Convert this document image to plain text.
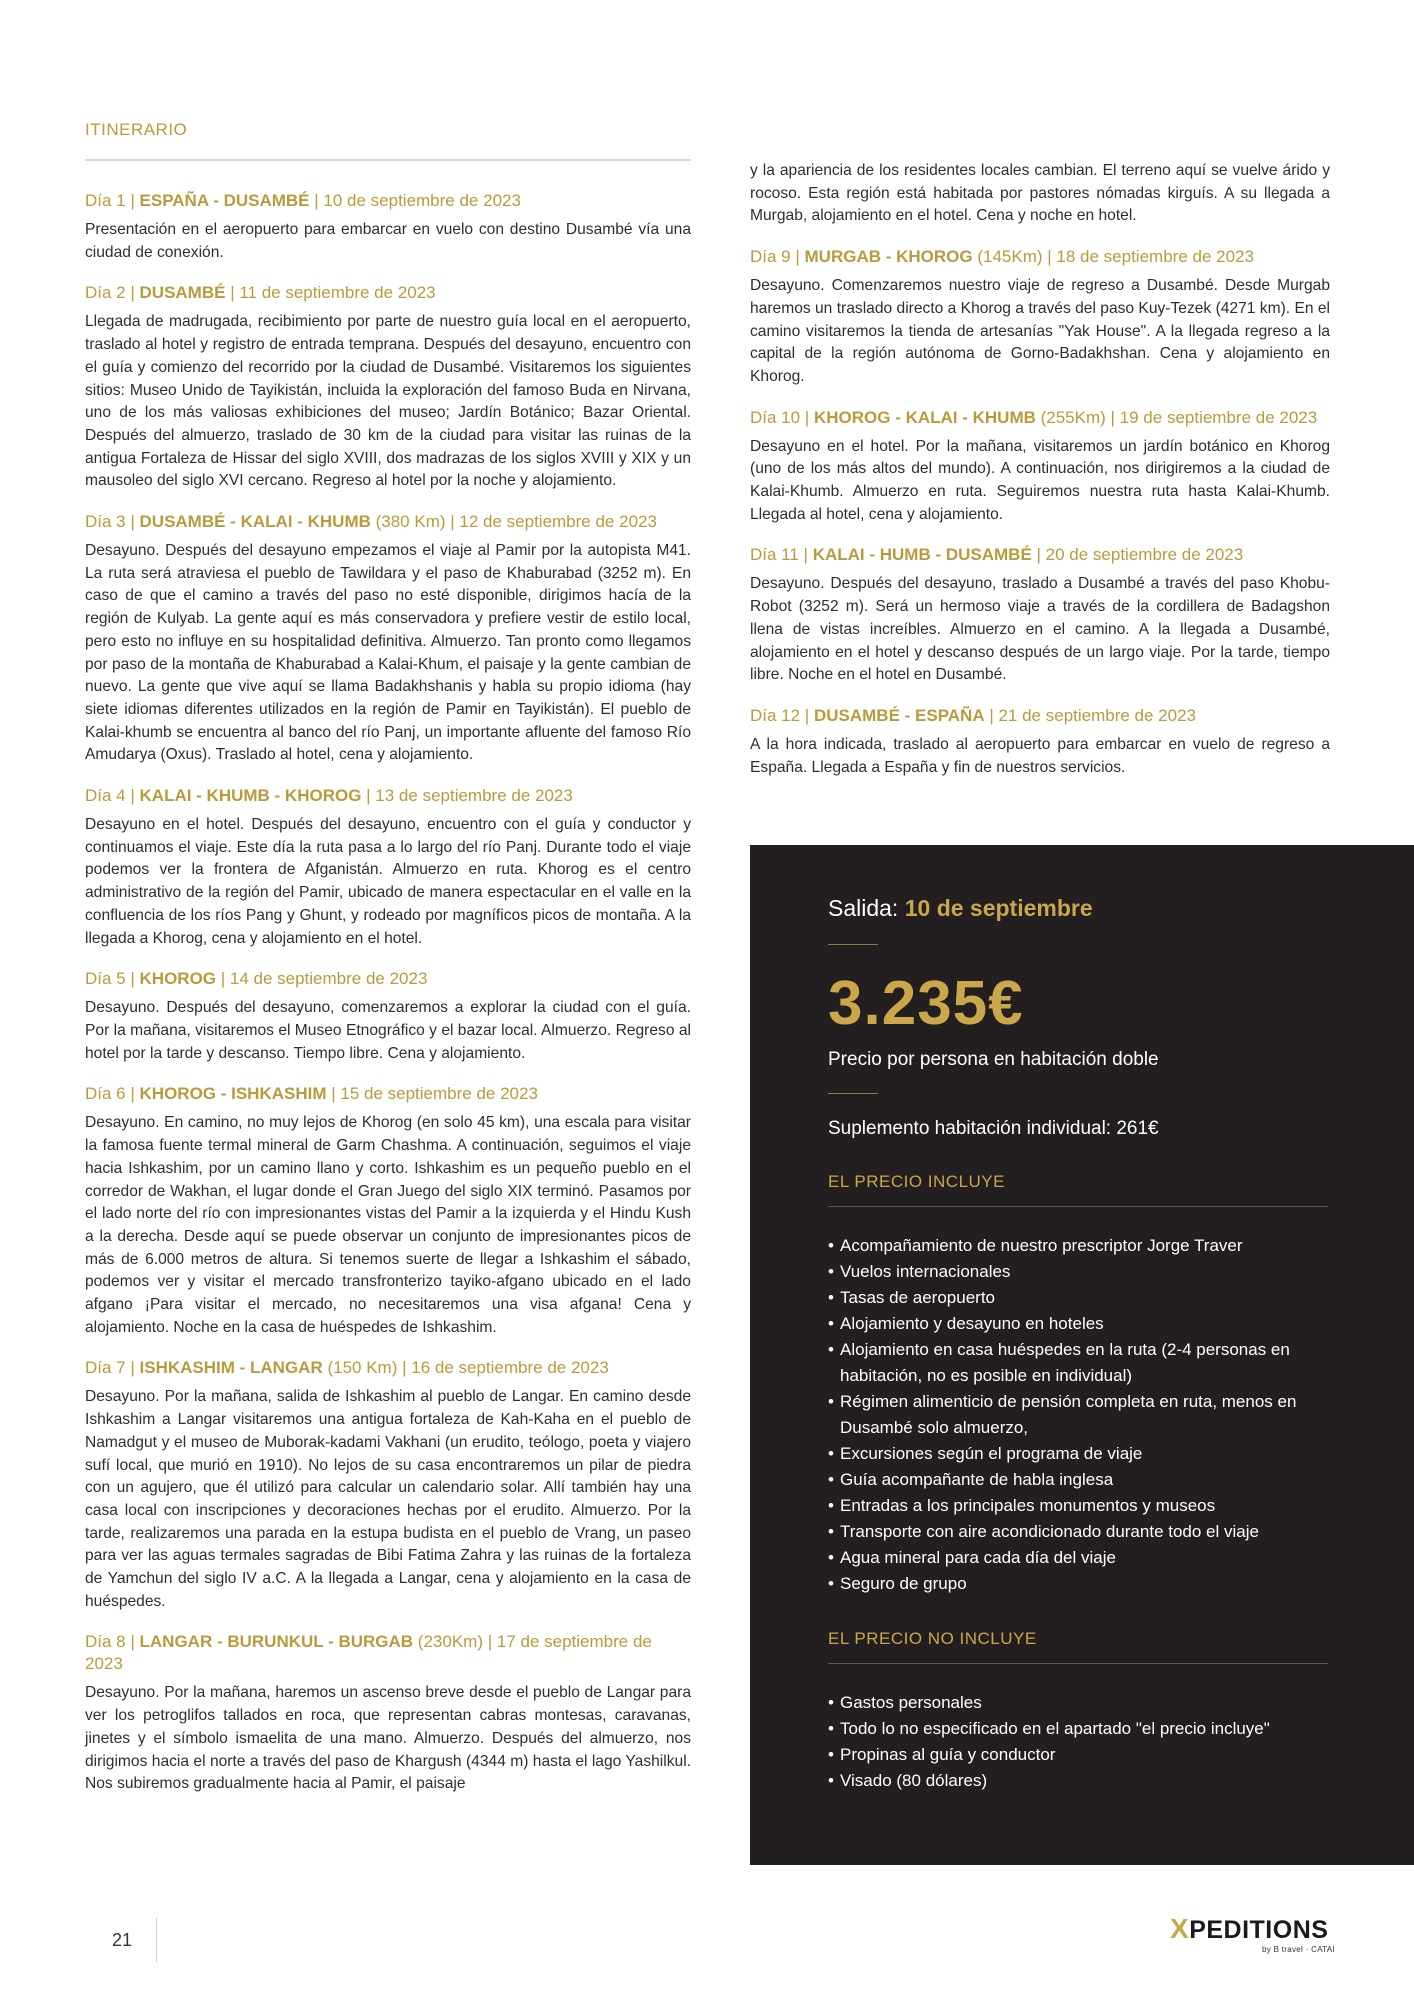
ITINERARIO

Día 1 | ESPAÑA - DUSAMBÉ | 10 de septiembre de 2023

Presentación en el aeropuerto para embarcar en vuelo con destino Dusambé vía una ciudad de conexión.

Día 2 | DUSAMBÉ | 11 de septiembre de 2023

Llegada de madrugada, recibimiento por parte de nuestro guía local en el aeropuerto, traslado al hotel y registro de entrada temprana. Después del desayuno, encuentro con el guía y comienzo del recorrido por la ciudad de Dusambé. Visitaremos los siguientes sitios: Museo Unido de Tayikistán, incluida la exploración del famoso Buda en Nirvana, uno de los más valiosas exhibiciones del museo; Jardín Botánico; Bazar Oriental. Después del almuerzo, traslado de 30 km de la ciudad para visitar las ruinas de la antigua Fortaleza de Hissar del siglo XVIII, dos madrazas de los siglos XVIII y XIX y un mausoleo del siglo XVI cercano. Regreso al hotel por la noche y alojamiento.

Día 3 | DUSAMBÉ - KALAI - KHUMB (380 Km) | 12 de septiembre de 2023

Desayuno. Después del desayuno empezamos el viaje al Pamir por la autopista M41. La ruta será atraviesa el pueblo de Tawildara y el paso de Khaburabad (3252 m). En caso de que el camino a través del paso no esté disponible, dirigimos hacía de la región de Kulyab. La gente aquí es más conservadora y prefiere vestir de estilo local, pero esto no influye en su hospitalidad definitiva. Almuerzo. Tan pronto como llegamos por paso de la montaña de Khaburabad a Kalai-Khum, el paisaje y la gente cambian de nuevo. La gente que vive aquí se llama Badakhshanis y habla su propio idioma (hay siete idiomas diferentes utilizados en la región de Pamir en Tayikistán). El pueblo de Kalai-khumb se encuentra al banco del río Panj, un importante afluente del famoso Río Amudarya (Oxus). Traslado al hotel, cena y alojamiento.

Día 4 | KALAI - KHUMB - KHOROG | 13 de septiembre de 2023

Desayuno en el hotel. Después del desayuno, encuentro con el guía y conductor y continuamos el viaje. Este día la ruta pasa a lo largo del río Panj. Durante todo el viaje podemos ver la frontera de Afganistán. Almuerzo en ruta. Khorog es el centro administrativo de la región del Pamir, ubicado de manera espectacular en el valle en la confluencia de los ríos Pang y Ghunt, y rodeado por magníficos picos de montaña. A la llegada a Khorog, cena y alojamiento en el hotel.

Día 5 | KHOROG | 14 de septiembre de 2023

Desayuno. Después del desayuno, comenzaremos a explorar la ciudad con el guía. Por la mañana, visitaremos el Museo Etnográfico y el bazar local. Almuerzo. Regreso al hotel por la tarde y descanso. Tiempo libre. Cena y alojamiento.

Día 6 | KHOROG - ISHKASHIM | 15 de septiembre de 2023

Desayuno. En camino, no muy lejos de Khorog (en solo 45 km), una escala para visitar la famosa fuente termal mineral de Garm Chashma. A continuación, seguimos el viaje hacia Ishkashim, por un camino llano y corto. Ishkashim es un pequeño pueblo en el corredor de Wakhan, el lugar donde el Gran Juego del siglo XIX terminó. Pasamos por el lado norte del río con impresionantes vistas del Pamir a la izquierda y el Hindu Kush a la derecha. Desde aquí se puede observar un conjunto de impresionantes picos de más de 6.000 metros de altura. Si tenemos suerte de llegar a Ishkashim el sábado, podemos ver y visitar el mercado transfronterizo tayiko-afgano ubicado en el lado afgano ¡Para visitar el mercado, no necesitaremos una visa afgana! Cena y alojamiento. Noche en la casa de huéspedes de Ishkashim.

Día 7 | ISHKASHIM - LANGAR (150 Km) | 16 de septiembre de 2023

Desayuno. Por la mañana, salida de Ishkashim al pueblo de Langar. En camino desde Ishkashim a Langar visitaremos una antigua fortaleza de Kah-Kaha en el pueblo de Namadgut y el museo de Muborak-kadami Vakhani (un erudito, teólogo, poeta y viajero sufí local, que murió en 1910). No lejos de su casa encontraremos un pilar de piedra con un agujero, que él utilizó para calcular un calendario solar. Allí también hay una casa local con inscripciones y decoraciones hechas por el erudito. Almuerzo. Por la tarde, realizaremos una parada en la estupa budista en el pueblo de Vrang, un paseo para ver las aguas termales sagradas de Bibi Fatima Zahra y las ruinas de la fortaleza de Yamchun del siglo IV a.C. A la llegada a Langar, cena y alojamiento en la casa de huéspedes.

Día 8 | LANGAR - BURUNKUL - BURGAB (230Km) | 17 de septiembre de 2023

Desayuno. Por la mañana, haremos un ascenso breve desde el pueblo de Langar para ver los petroglifos tallados en roca, que representan cabras montesas, caravanas, jinetes y el símbolo ismaelita de una mano. Almuerzo. Después del almuerzo, nos dirigimos hacia el norte a través del paso de Khargush (4344 m) hasta el lago Yashilkul. Nos subiremos gradualmente hacia al Pamir, el paisaje

y la apariencia de los residentes locales cambian. El terreno aquí se vuelve árido y rocoso. Esta región está habitada por pastores nómadas kirguís. A su llegada a Murgab, alojamiento en el hotel. Cena y noche en hotel.

Día 9 | MURGAB - KHOROG (145Km) | 18 de septiembre de 2023

Desayuno. Comenzaremos nuestro viaje de regreso a Dusambé. Desde Murgab haremos un traslado directo a Khorog a través del paso Kuy-Tezek (4271 km). En el camino visitaremos la tienda de artesanías "Yak House". A la llegada regreso a la capital de la región autónoma de Gorno-Badakhshan. Cena y alojamiento en Khorog.

Día 10 | KHOROG - KALAI - KHUMB (255Km) | 19 de septiembre de 2023

Desayuno en el hotel. Por la mañana, visitaremos un jardín botánico en Khorog (uno de los más altos del mundo). A continuación, nos dirigiremos a la ciudad de Kalai-Khumb. Almuerzo en ruta. Seguiremos nuestra ruta hasta Kalai-Khumb. Llegada al hotel, cena y alojamiento.

Día 11 | KALAI - HUMB - DUSAMBÉ | 20 de septiembre de 2023

Desayuno. Después del desayuno, traslado a Dusambé a través del paso Khobu-Robot (3252 m). Será un hermoso viaje a través de la cordillera de Badagshon llena de vistas increíbles. Almuerzo en el camino. A la llegada a Dusambé, alojamiento en el hotel y descanso después de un largo viaje. Por la tarde, tiempo libre. Noche en el hotel en Dusambé.

Día 12 | DUSAMBÉ - ESPAÑA | 21 de septiembre de 2023

A la hora indicada, traslado al aeropuerto para embarcar en vuelo de regreso a España. Llegada a España y fin de nuestros servicios.

Salida: 10 de septiembre

3.235€

Precio por persona en habitación doble

Suplemento habitación individual: 261€

EL PRECIO INCLUYE
• Acompañamiento de nuestro prescriptor Jorge Traver
• Vuelos internacionales
• Tasas de aeropuerto
• Alojamiento y desayuno en hoteles
• Alojamiento en casa huéspedes en la ruta (2-4 personas en habitación, no es posible en individual)
• Régimen alimenticio de pensión completa en ruta, menos en Dusambé solo almuerzo,
• Excursiones según el programa de viaje
• Guía acompañante de habla inglesa
• Entradas a los principales monumentos y museos
• Transporte con aire acondicionado durante todo el viaje
• Agua mineral para cada día del viaje
• Seguro de grupo
EL PRECIO NO INCLUYE
• Gastos personales
• Todo lo no especificado en el apartado "el precio incluye"
• Propinas al guía y conductor
• Visado (80 dólares)
21	XPEDITIONS
by B travel · CATAI
